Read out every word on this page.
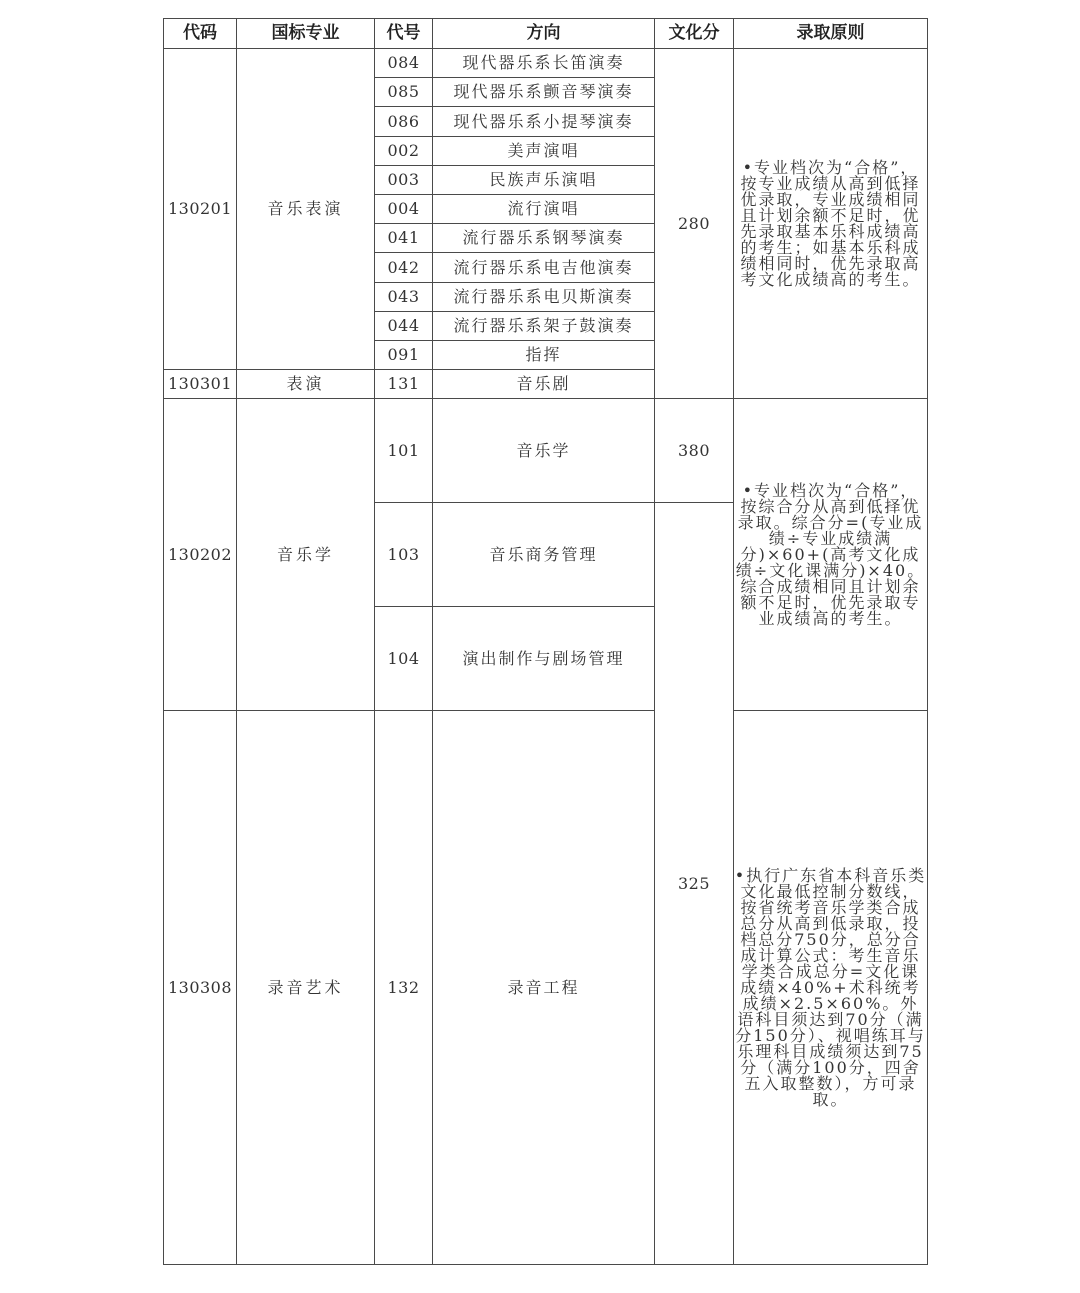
代码	国标专业	代号	方向	文化分	录取原则
130201	音乐表演	084	现代器乐系长笛演奏	280	•专业档次为“合格”，按专业成绩从高到低择优录取，专业成绩相同且计划余额不足时，优先录取基本乐科成绩高的考生；如基本乐科成绩相同时，优先录取高考文化成绩高的考生。

		085	现代器乐系颤音琴演奏		
		086	现代器乐系小提琴演奏		
		002	美声演唱		
		003	民族声乐演唱		
		004	流行演唱		
		041	流行器乐系钢琴演奏		
		042	流行器乐系电吉他演奏		
		043	流行器乐系电贝斯演奏		
		044	流行器乐系架子鼓演奏		
		091	指挥		
130301	表演	131	音乐剧		
130202	音乐学	101	音乐学	380	•专业档次为“合格”，按综合分从高到低择优录取。综合分=(专业成绩÷专业成绩满分)×60+(高考文化成绩÷文化课满分)×40。综合成绩相同且计划余额不足时，优先录取专业成绩高的考生。

		103	音乐商务管理	325	
		104	演出制作与剧场管理		
130308	录音艺术	132	录音工程		•执行广东省本科音乐类文化最低控制分数线，按省统考音乐学类合成总分从高到低录取，投档总分750分，总分合成计算公式：考生音乐学类合成总分=文化课成绩×40%+术科统考成绩×2.5×60%。外语科目须达到70分（满分150分）、视唱练耳与乐理科目成绩须达到75分（满分100分，四舍五入取整数），方可录取。
